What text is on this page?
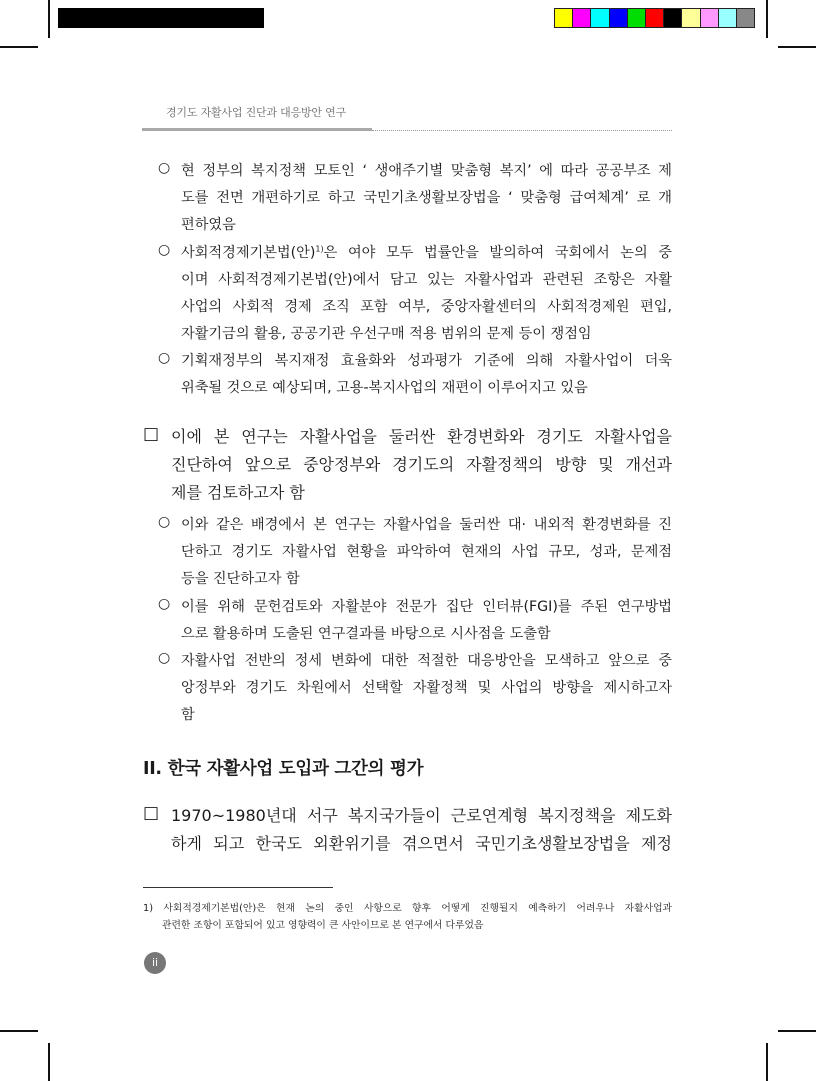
경기도 자활사업 진단과 대응방안 연구
○ 현 정부의 복지정책 모토인 ‘ 생애주기별 맞춤형 복지’ 에 따라 공공부조 제
도를 전면 개편하기로 하고 국민기초생활보장법을 ‘ 맞춤형 급여체계’ 로 개
편하였음
○ 사회적경제기본법(안)$^{1)}$은 여야 모두 법률안을 발의하여 국회에서 논의 중
이며 사회적경제기본법(안)에서 담고 있는 자활사업과 관련된 조항은 자활
사업의 사회적 경제 조직 포함 여부, 중앙자활센터의 사회적경제원 편입,
자활기금의 활용, 공공기관 우선구매 적용 범위의 문제 등이 쟁점임
○ 기획재정부의 복지재정 효율화와 성과평가 기준에 의해 자활사업이 더욱
위축될 것으로 예상되며, 고용-복지사업의 재편이 이루어지고 있음
□ 이에 본 연구는 자활사업을 둘러싼 환경변화와 경기도 자활사업을
진단하여 앞으로 중앙정부와 경기도의 자활정책의 방향 및 개선과
제를 검토하고자 함
○ 이와 같은 배경에서 본 연구는 자활사업을 둘러싼 대· 내외적 환경변화를 진
단하고 경기도 자활사업 현황을 파악하여 현재의 사업 규모, 성과, 문제점
등을 진단하고자 함
○ 이를 위해 문헌검토와 자활분야 전문가 집단 인터뷰(FGI)를 주된 연구방법
으로 활용하며 도출된 연구결과를 바탕으로 시사점을 도출함
○ 자활사업 전반의 정세 변화에 대한 적절한 대응방안을 모색하고 앞으로 중
앙정부와 경기도 차원에서 선택할 자활정책 및 사업의 방향을 제시하고자
함
II. 한국 자활사업 도입과 그간의 평가
□ 1970~1980년대 서구 복지국가들이 근로연계형 복지정책을 제도화
하게 되고 한국도 외환위기를 겪으면서 국민기초생활보장법을 제정
1) 사회적경제기본법(안)은 현재 논의 중인 사항으로 향후 어떻게 진행될지 예측하기 어려우나 자활사업과
관련한 조항이 포함되어 있고 영향력이 큰 사안이므로 본 연구에서 다루었음
ii
